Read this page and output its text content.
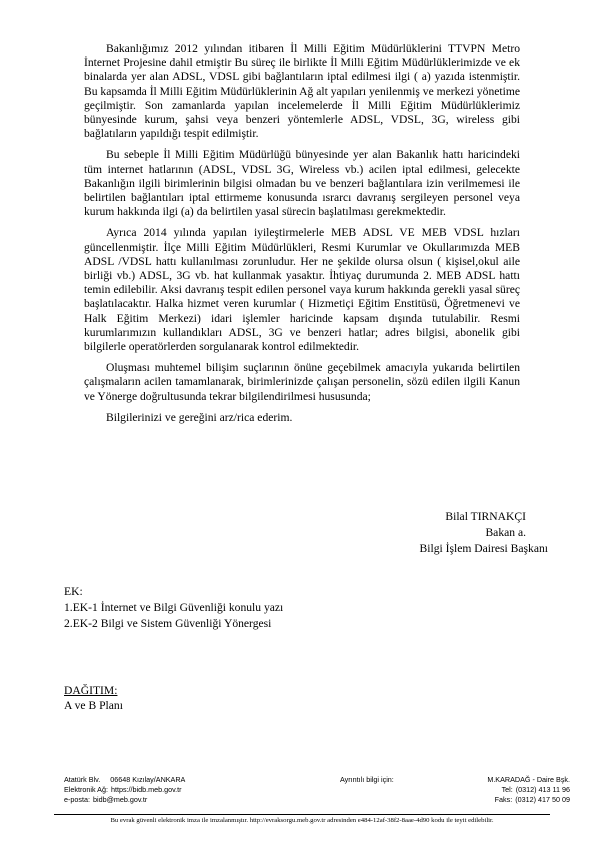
Bakanlığımız 2012 yılından itibaren İl Milli Eğitim Müdürlüklerini TTVPN Metro İnternet Projesine dahil etmiştir Bu süreç ile birlikte İl Milli Eğitim Müdürlüklerimizde ve ek binalarda yer alan ADSL, VDSL gibi bağlantıların iptal edilmesi ilgi ( a) yazıda istenmiştir. Bu kapsamda İl Milli Eğitim Müdürlüklerinin Ağ alt yapıları yenilenmiş ve merkezi yönetime geçilmiştir. Son zamanlarda yapılan incelemelerde İl Milli Eğitim Müdürlüklerimiz bünyesinde kurum, şahsi veya benzeri yöntemlerle ADSL, VDSL, 3G, wireless gibi bağlatıların yapıldığı tespit edilmiştir.

Bu sebeple İl Milli Eğitim Müdürlüğü bünyesinde yer alan Bakanlık hattı haricindeki tüm internet hatlarının (ADSL, VDSL 3G, Wireless vb.) acilen iptal edilmesi, gelecekte Bakanlığın ilgili birimlerinin bilgisi olmadan bu ve benzeri bağlantılara izin verilmemesi ile belirtilen bağlantıları iptal ettirmeme konusunda ısrarcı davranış sergileyen personel veya kurum hakkında ilgi (a) da belirtilen yasal sürecin başlatılması gerekmektedir.

Ayrıca 2014 yılında yapılan iyileştirmelerle MEB ADSL VE MEB VDSL hızları güncellenmiştir. İlçe Milli Eğitim Müdürlükleri, Resmi Kurumlar ve Okullarımızda MEB ADSL /VDSL hattı kullanılması zorunludur. Her ne şekilde olursa olsun ( kişisel,okul aile birliği vb.) ADSL, 3G vb. hat kullanmak yasaktır. İhtiyaç durumunda 2. MEB ADSL hattı temin edilebilir. Aksi davranış tespit edilen personel vaya kurum hakkında gerekli yasal süreç başlatılacaktır. Halka hizmet veren kurumlar ( Hizmetiçi Eğitim Enstitüsü, Öğretmenevi ve Halk Eğitim Merkezi) idari işlemler haricinde kapsam dışında tutulabilir. Resmi kurumlarımızın kullandıkları ADSL, 3G ve benzeri hatlar; adres bilgisi, abonelik gibi bilgilerle operatörlerden sorgulanarak kontrol edilmektedir.

Oluşması muhtemel bilişim suçlarının önüne geçebilmek amacıyla yukarıda belirtilen çalışmaların acilen tamamlanarak, birimlerinizde çalışan personelin, sözü edilen ilgili Kanun ve Yönerge doğrultusunda tekrar bilgilendirilmesi hususunda;

Bilgilerinizi ve gereğini arz/rica ederim.

Bilal TIRNAKÇI
Bakan a.
Bilgi İşlem Dairesi Başkanı
EK:
1.EK-1 İnternet ve Bilgi Güvenliği konulu yazı
2.EK-2 Bilgi ve Sistem Güvenliği Yönergesi
DAĞITIM:
A ve B Planı
Atatürk Blv. 06648 Kızılay/ANKARA
Elektronik Ağ: https://bidb.meb.gov.tr
e-posta: bidb@meb.gov.tr
Ayrıntılı bilgi için:	M.KARADAĞ - Daire Bşk.
Tel: (0312) 413 11 96
Faks: (0312) 417 50 09
Bu evrak güvenli elektronik imza ile imzalanmıştır. http://evraksorgu.meb.gov.tr adresinden e484-12af-38f2-8aae-4d90 kodu ile teyit edilebilir.
